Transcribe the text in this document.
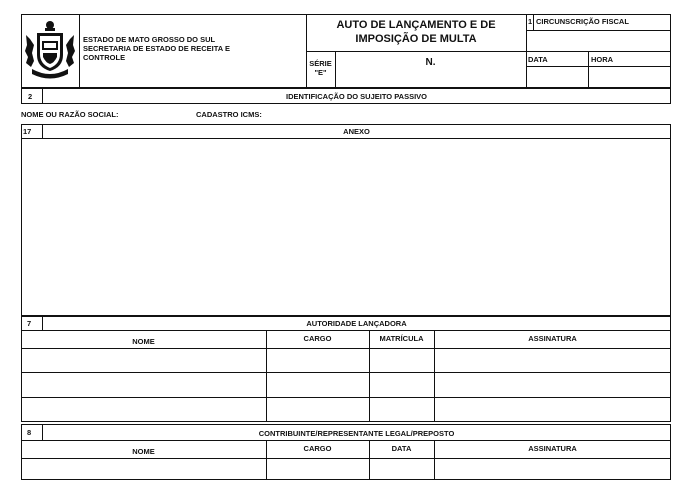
ESTADO DE MATO GROSSO DO SUL
SECRETARIA DE ESTADO DE RECEITA E CONTROLE
AUTO DE LANÇAMENTO E DE IMPOSIÇÃO DE MULTA
SÉRIE
"E"
N.
1 CIRCUNSCRIÇÃO FISCAL
DATA	HORA
2	IDENTIFICAÇÃO DO SUJEITO PASSIVO
NOME OU RAZÃO SOCIAL:	CADASTRO ICMS:
17	ANEXO
7	AUTORIDADE LANÇADORA
NOME	CARGO	MATRÍCULA	ASSINATURA
8	CONTRIBUINTE/REPRESENTANTE LEGAL/PREPOSTO
NOME	CARGO	DATA	ASSINATURA
